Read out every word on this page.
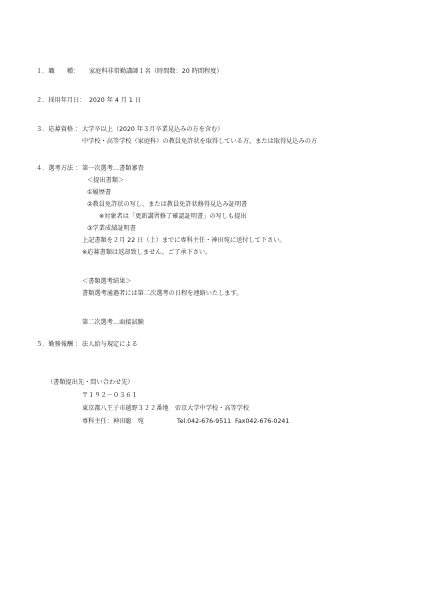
１．職　　種： 家庭科非常勤講師１名（時間数：20 時間程度）
２．採用年月日： 2020 年 4 月 1 日
３．応募資格 ： 大学卒以上（2020 年３月卒業見込みの方を含む）
中学校・高等学校（家庭科）の教員免許状を取得している方、または取得見込みの方
４．選考方法 ： 第一次選考…書類審査
＜提出書類＞
①履歴書
②教員免許状の写し、または教員免許状修得見込み証明書
※対象者は「更新講習修了確認証明書」の写しも提出
③学業成績証明書
上記書類を２月 22 日（土）までに専科主任・神田宛に送付して下さい。
※応募書類は返却致しません。ご了承下さい。
＜書類選考結果＞
書類選考通過者には第二次選考の日程を連絡いたします。
第二次選考…面接試験
５．勤務報酬 ： 法人給与規定による
（書類提出先・問い合わせ先）
〒１９２－０３６１
東京都八王子市越野３２２番地　帝京大学中学校・高等学校
専科主任：神田聡　宛	Tel.042-676-9511 Fax042-676-0241
